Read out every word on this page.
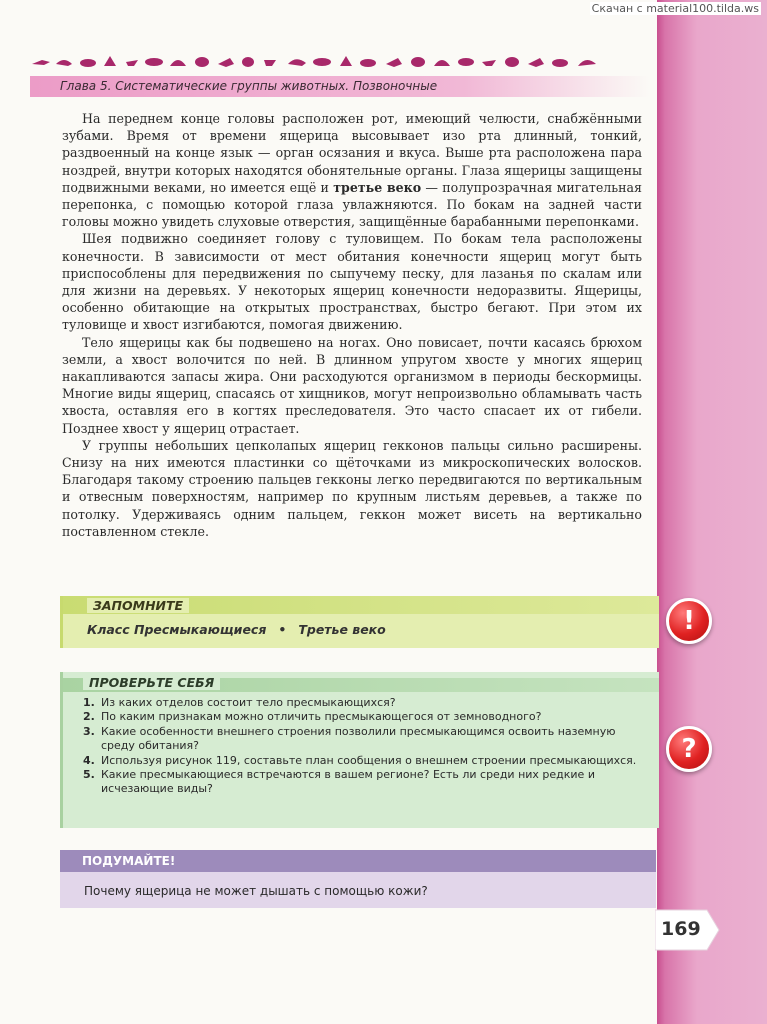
Скачан с material100.tilda.ws
Глава 5. Систематические группы животных. Позвоночные

На переднем конце головы расположен рот, имеющий челюсти, снабжёнными зубами. Время от времени ящерица высовывает изо рта длинный, тонкий, раздвоенный на конце язык — орган осязания и вкуса. Выше рта расположена пара ноздрей, внутри которых находятся обонятельные органы. Глаза ящерицы защищены подвижными веками, но имеется ещё и третье веко — полупрозрачная мигательная перепонка, с помощью которой глаза увлажняются. По бокам на задней части головы можно увидеть слуховые отверстия, защищённые барабанными перепонками.

Шея подвижно соединяет голову с туловищем. По бокам тела расположены конечности. В зависимости от мест обитания конечности ящериц могут быть приспособлены для передвижения по сыпучему песку, для лазанья по скалам или для жизни на деревьях. У некоторых ящериц конечности недоразвиты. Ящерицы, особенно обитающие на открытых пространствах, быстро бегают. При этом их туловище и хвост изгибаются, помогая движению.

Тело ящерицы как бы подвешено на ногах. Оно повисает, почти касаясь брюхом земли, а хвост волочится по ней. В длинном упругом хвосте у многих ящериц накапливаются запасы жира. Они расходуются организмом в периоды бескормицы. Многие виды ящериц, спасаясь от хищников, могут непроизвольно обламывать часть хвоста, оставляя его в когтях преследователя. Это часто спасает их от гибели. Позднее хвост у ящериц отрастает.

У группы небольших цепколапых ящериц гекконов пальцы сильно расширены. Снизу на них имеются пластинки со щёточками из микроскопических волосков. Благодаря такому строению пальцев гекконы легко передвигаются по вертикальным и отвесным поверхностям, например по крупным листьям деревьев, а также по потолку. Удерживаясь одним пальцем, геккон может висеть на вертикально поставленном стекле.

ЗАПОМНИТЕ
Класс Пресмыкающиеся • Третье веко	!
ПРОВЕРЬТЕ СЕБЯ
1. Из каких отделов состоит тело пресмыкающихся?
2. По каким признакам можно отличить пресмыкающегося от земноводного?
3. Какие особенности внешнего строения позволили пресмыкающимся освоить наземную среду обитания?
4. Используя рисунок 119, составьте план сообщения о внешнем строении пресмыкающихся.
5. Какие пресмыкающиеся встречаются в вашем регионе? Есть ли среди них редкие и исчезающие виды?
?
ПОДУМАЙТЕ!
Почему ящерица не может дышать с помощью кожи?
169
